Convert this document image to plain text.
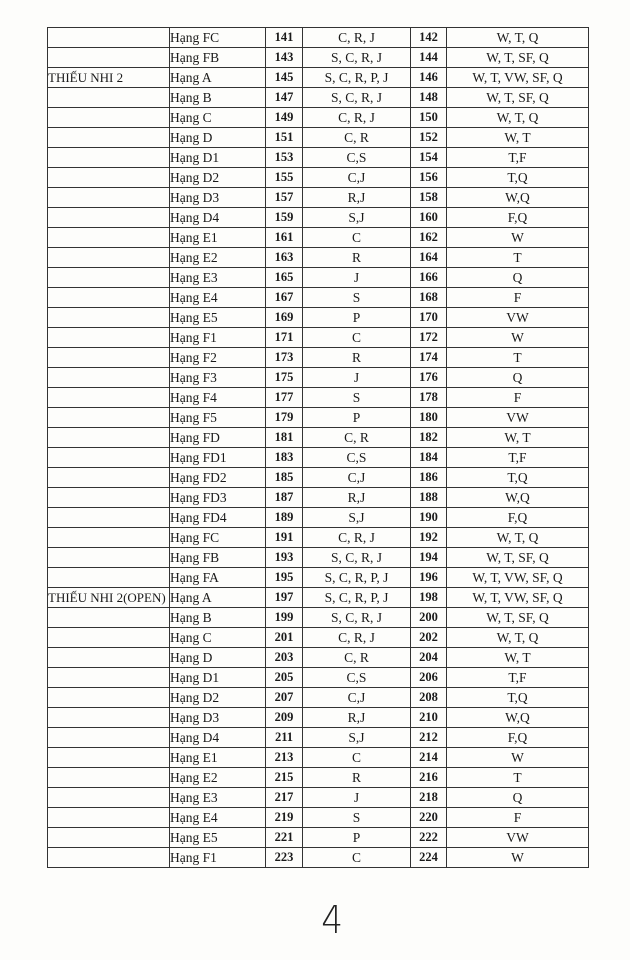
	Hạng FC	141	C, R, J	142	W, T, Q
	Hạng FB	143	S, C, R, J	144	W, T, SF, Q
THIẾU NHI 2	Hạng A	145	S, C, R, P, J	146	W, T, VW, SF, Q
	Hạng B	147	S, C, R, J	148	W, T, SF, Q
	Hạng C	149	C, R, J	150	W, T, Q
	Hạng D	151	C, R	152	W, T
	Hạng D1	153	C,S	154	T,F
	Hạng D2	155	C,J	156	T,Q
	Hạng D3	157	R,J	158	W,Q
	Hạng D4	159	S,J	160	F,Q
	Hạng E1	161	C	162	W
	Hạng E2	163	R	164	T
	Hạng E3	165	J	166	Q
	Hạng E4	167	S	168	F
	Hạng E5	169	P	170	VW
	Hạng F1	171	C	172	W
	Hạng F2	173	R	174	T
	Hạng F3	175	J	176	Q
	Hạng F4	177	S	178	F
	Hạng F5	179	P	180	VW
	Hạng FD	181	C, R	182	W, T
	Hạng FD1	183	C,S	184	T,F
	Hạng FD2	185	C,J	186	T,Q
	Hạng FD3	187	R,J	188	W,Q
	Hạng FD4	189	S,J	190	F,Q
	Hạng FC	191	C, R, J	192	W, T, Q
	Hạng FB	193	S, C, R, J	194	W, T, SF, Q
	Hạng FA	195	S, C, R, P, J	196	W, T, VW, SF, Q
THIẾU NHI 2(OPEN)	Hạng A	197	S, C, R, P, J	198	W, T, VW, SF, Q
	Hạng B	199	S, C, R, J	200	W, T, SF, Q
	Hạng C	201	C, R, J	202	W, T, Q
	Hạng D	203	C, R	204	W, T
	Hạng D1	205	C,S	206	T,F
	Hạng D2	207	C,J	208	T,Q
	Hạng D3	209	R,J	210	W,Q
	Hạng D4	211	S,J	212	F,Q
	Hạng E1	213	C	214	W
	Hạng E2	215	R	216	T
	Hạng E3	217	J	218	Q
	Hạng E4	219	S	220	F
	Hạng E5	221	P	222	VW
	Hạng F1	223	C	224	W
4
